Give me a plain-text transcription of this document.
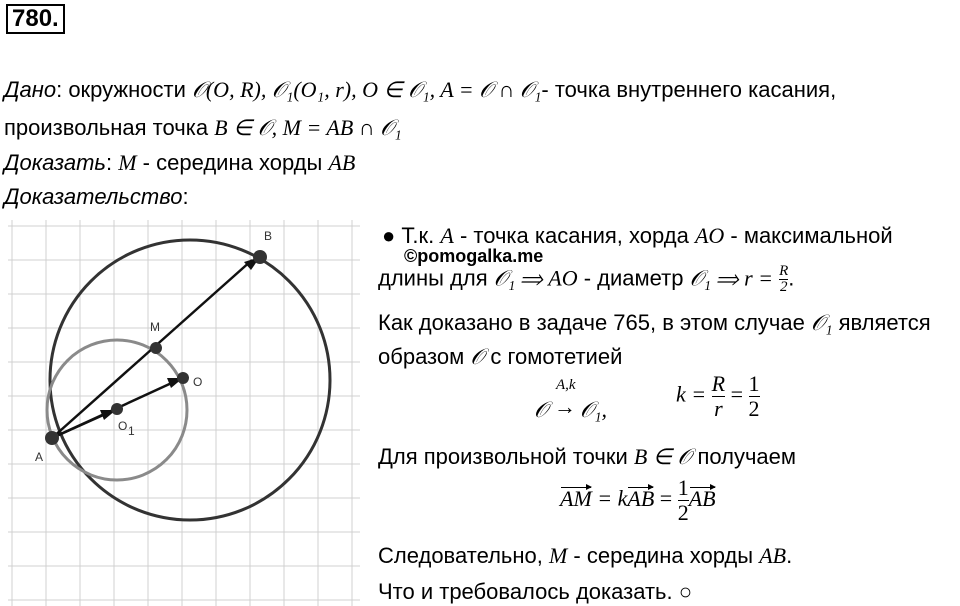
780.
Дано: окружности 𝒪(O, R), 𝒪₁(O₁, r), O ∈ 𝒪₁, A = 𝒪 ∩ 𝒪₁- точка внутреннего касания,
произвольная точка B ∈ 𝒪, M = AB ∩ 𝒪₁
Доказать: M - середина хорды AB
Доказательство:
A
B
M
O
O 1
● Т.к. A - точка касания, хорда AO - максимальной
©pomogalka.me
длины для 𝒪₁ ⟹ AO - диаметр 𝒪₁ ⟹ $r = \frac{R}{2}$ .
Как доказано в задаче 765, в этом случае 𝒪₁ является
образом 𝒪 с гомотетией
𝒪
A,k
→ 𝒪₁,
$k = \frac{R}{r} = \frac{1}{2}$
Для произвольной точки B ∈ 𝒪 получаем
AM = kAB = $\frac{1}{2}$ AB
Следовательно, M - середина хорды AB.
Что и требовалось доказать. ○
